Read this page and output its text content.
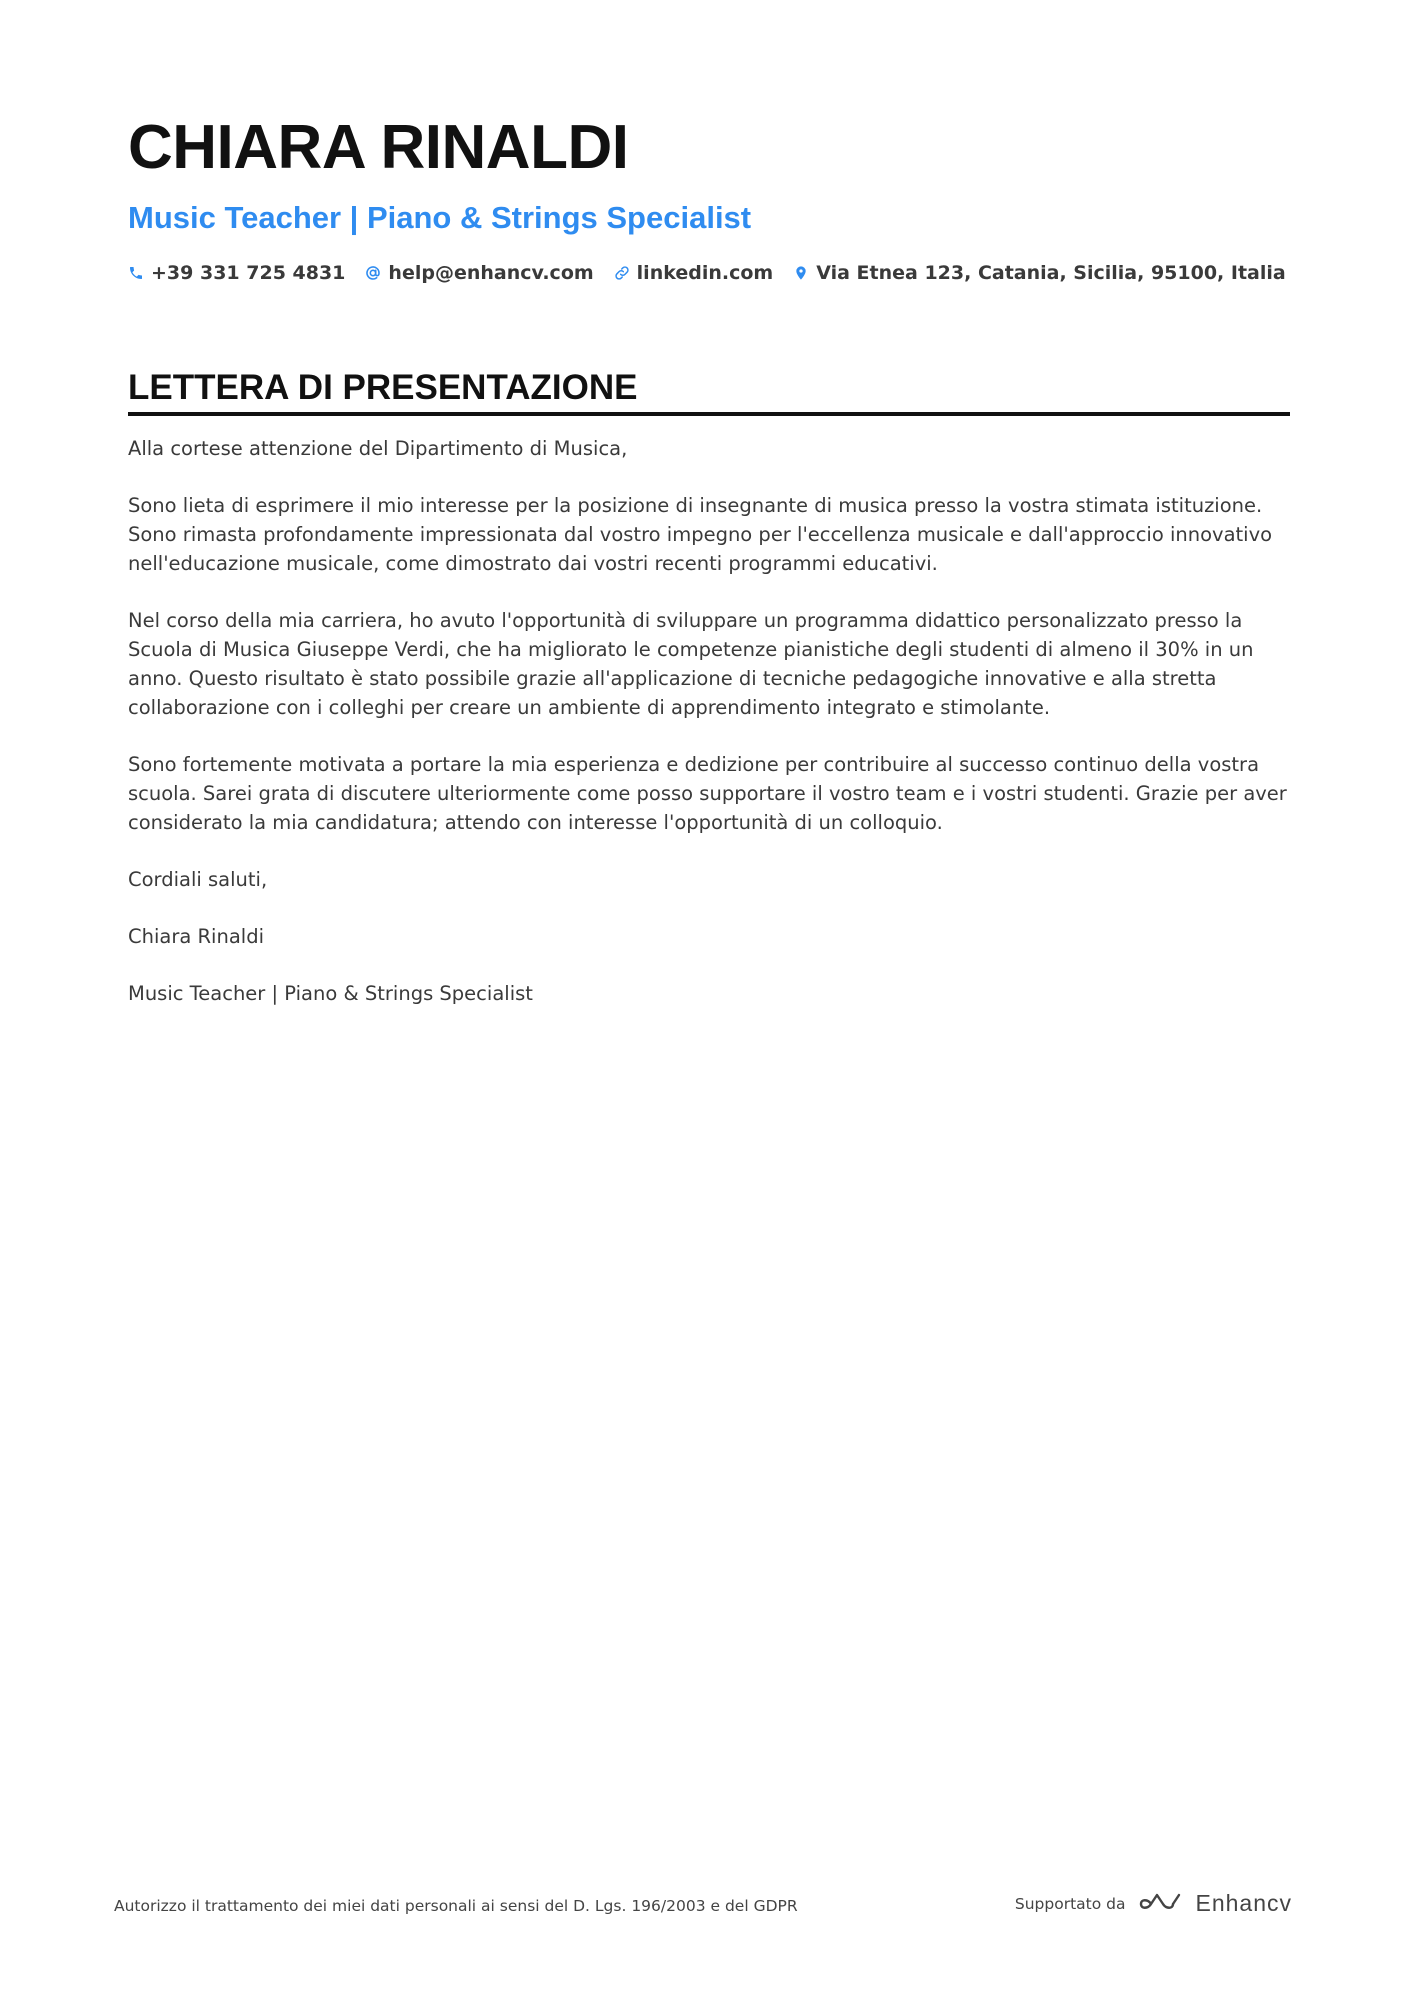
CHIARA RINALDI
Music Teacher | Piano & Strings Specialist
+39 331 725 4831 help@enhancv.com linkedin.com Via Etnea 123, Catania, Sicilia, 95100, Italia
LETTERA DI PRESENTAZIONE

Alla cortese attenzione del Dipartimento di Musica,

Sono lieta di esprimere il mio interesse per la posizione di insegnante di musica presso la vostra stimata istituzione. Sono rimasta profondamente impressionata dal vostro impegno per l'eccellenza musicale e dall'approccio innovativo nell'educazione musicale, come dimostrato dai vostri recenti programmi educativi.

Nel corso della mia carriera, ho avuto l'opportunità di sviluppare un programma didattico personalizzato presso la Scuola di Musica Giuseppe Verdi, che ha migliorato le competenze pianistiche degli studenti di almeno il 30% in un anno. Questo risultato è stato possibile grazie all'applicazione di tecniche pedagogiche innovative e alla stretta collaborazione con i colleghi per creare un ambiente di apprendimento integrato e stimolante.

Sono fortemente motivata a portare la mia esperienza e dedizione per contribuire al successo continuo della vostra scuola. Sarei grata di discutere ulteriormente come posso supportare il vostro team e i vostri studenti. Grazie per aver considerato la mia candidatura; attendo con interesse l'opportunità di un colloquio.

Cordiali saluti,

Chiara Rinaldi

Music Teacher | Piano & Strings Specialist

Autorizzo il trattamento dei miei dati personali ai sensi del D. Lgs. 196/2003 e del GDPR	Supportato da	Enhancv
